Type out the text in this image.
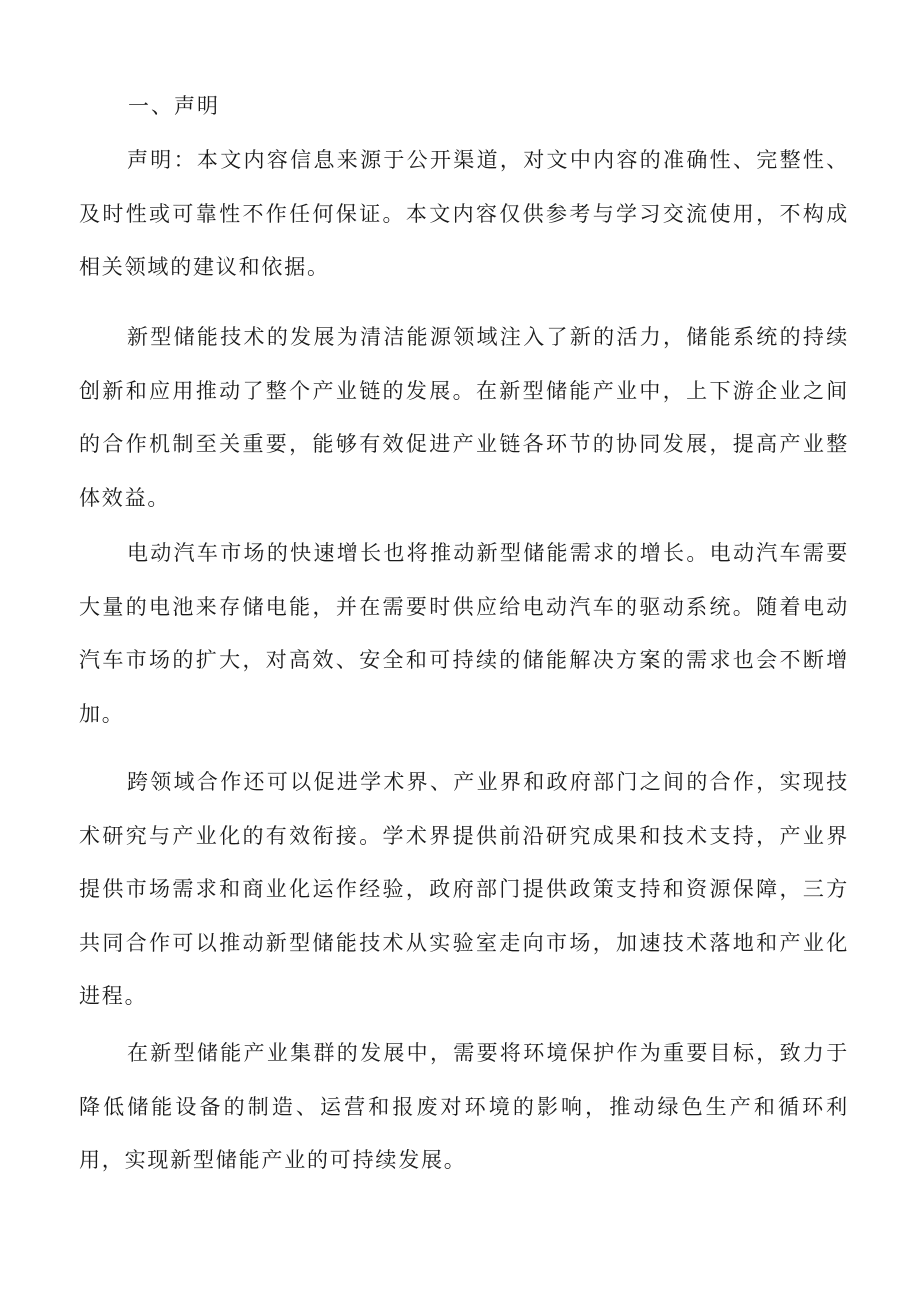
一、声明

声明：本文内容信息来源于公开渠道，对文中内容的准确性、完整性、及时性或可靠性不作任何保证。本文内容仅供参考与学习交流使用，不构成相关领域的建议和依据。

新型储能技术的发展为清洁能源领域注入了新的活力，储能系统的持续创新和应用推动了整个产业链的发展。在新型储能产业中，上下游企业之间的合作机制至关重要，能够有效促进产业链各环节的协同发展，提高产业整体效益。

电动汽车市场的快速增长也将推动新型储能需求的增长。电动汽车需要大量的电池来存储电能，并在需要时供应给电动汽车的驱动系统。随着电动汽车市场的扩大，对高效、安全和可持续的储能解决方案的需求也会不断增加。

跨领域合作还可以促进学术界、产业界和政府部门之间的合作，实现技术研究与产业化的有效衔接。学术界提供前沿研究成果和技术支持，产业界提供市场需求和商业化运作经验，政府部门提供政策支持和资源保障，三方共同合作可以推动新型储能技术从实验室走向市场，加速技术落地和产业化进程。

在新型储能产业集群的发展中，需要将环境保护作为重要目标，致力于降低储能设备的制造、运营和报废对环境的影响，推动绿色生产和循环利用，实现新型储能产业的可持续发展。
